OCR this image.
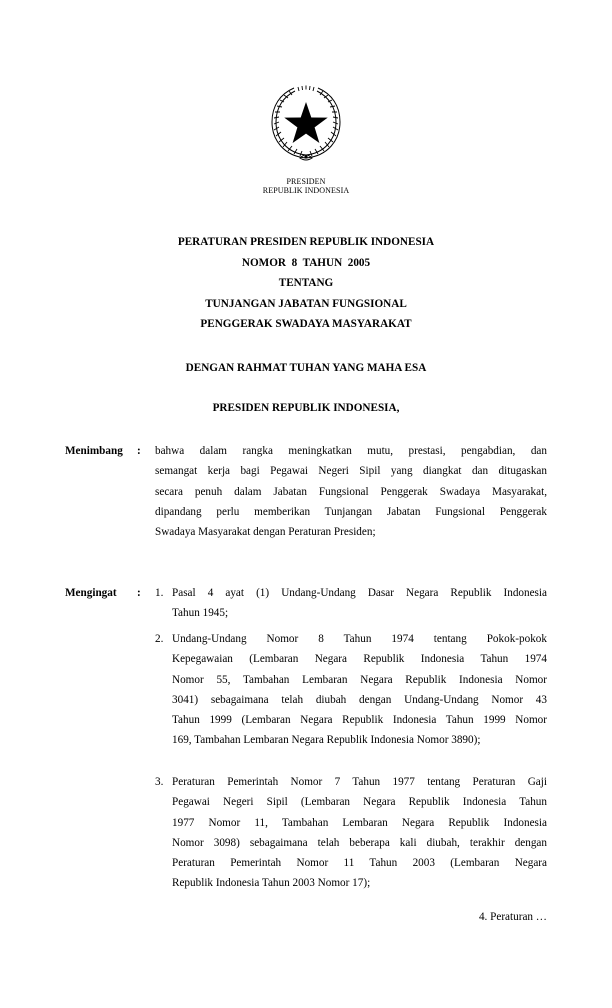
PRESIDEN
REPUBLIK INDONESIA
PERATURAN PRESIDEN REPUBLIK INDONESIA
NOMOR  8  TAHUN  2005
TENTANG
TUNJANGAN JABATAN FUNGSIONAL
PENGGERAK SWADAYA MASYARAKAT
DENGAN RAHMAT TUHAN YANG MAHA ESA
PRESIDEN REPUBLIK INDONESIA,
Menimbang : bahwa dalam rangka meningkatkan mutu, prestasi, pengabdian, dan
semangat kerja bagi Pegawai Negeri Sipil yang diangkat dan ditugaskan
secara penuh dalam Jabatan Fungsional Penggerak Swadaya Masyarakat,
dipandang perlu memberikan Tunjangan Jabatan Fungsional Penggerak
Swadaya Masyarakat dengan Peraturan Presiden;
Mengingat : 1. Pasal 4 ayat (1) Undang-Undang Dasar Negara Republik Indonesia
Tahun 1945;
2. Undang-Undang Nomor 8 Tahun 1974 tentang Pokok-pokok
Kepegawaian (Lembaran Negara Republik Indonesia Tahun 1974
Nomor 55, Tambahan Lembaran Negara Republik Indonesia Nomor
3041) sebagaimana telah diubah dengan Undang-Undang Nomor 43
Tahun 1999 (Lembaran Negara Republik Indonesia Tahun 1999 Nomor
169, Tambahan Lembaran Negara Republik Indonesia Nomor 3890);
3. Peraturan Pemerintah Nomor 7 Tahun 1977 tentang Peraturan Gaji
Pegawai Negeri Sipil (Lembaran Negara Republik Indonesia Tahun
1977 Nomor 11, Tambahan Lembaran Negara Republik Indonesia
Nomor 3098) sebagaimana telah beberapa kali diubah, terakhir dengan
Peraturan Pemerintah Nomor 11 Tahun 2003 (Lembaran Negara
Republik Indonesia Tahun 2003 Nomor 17);
4. Peraturan …
